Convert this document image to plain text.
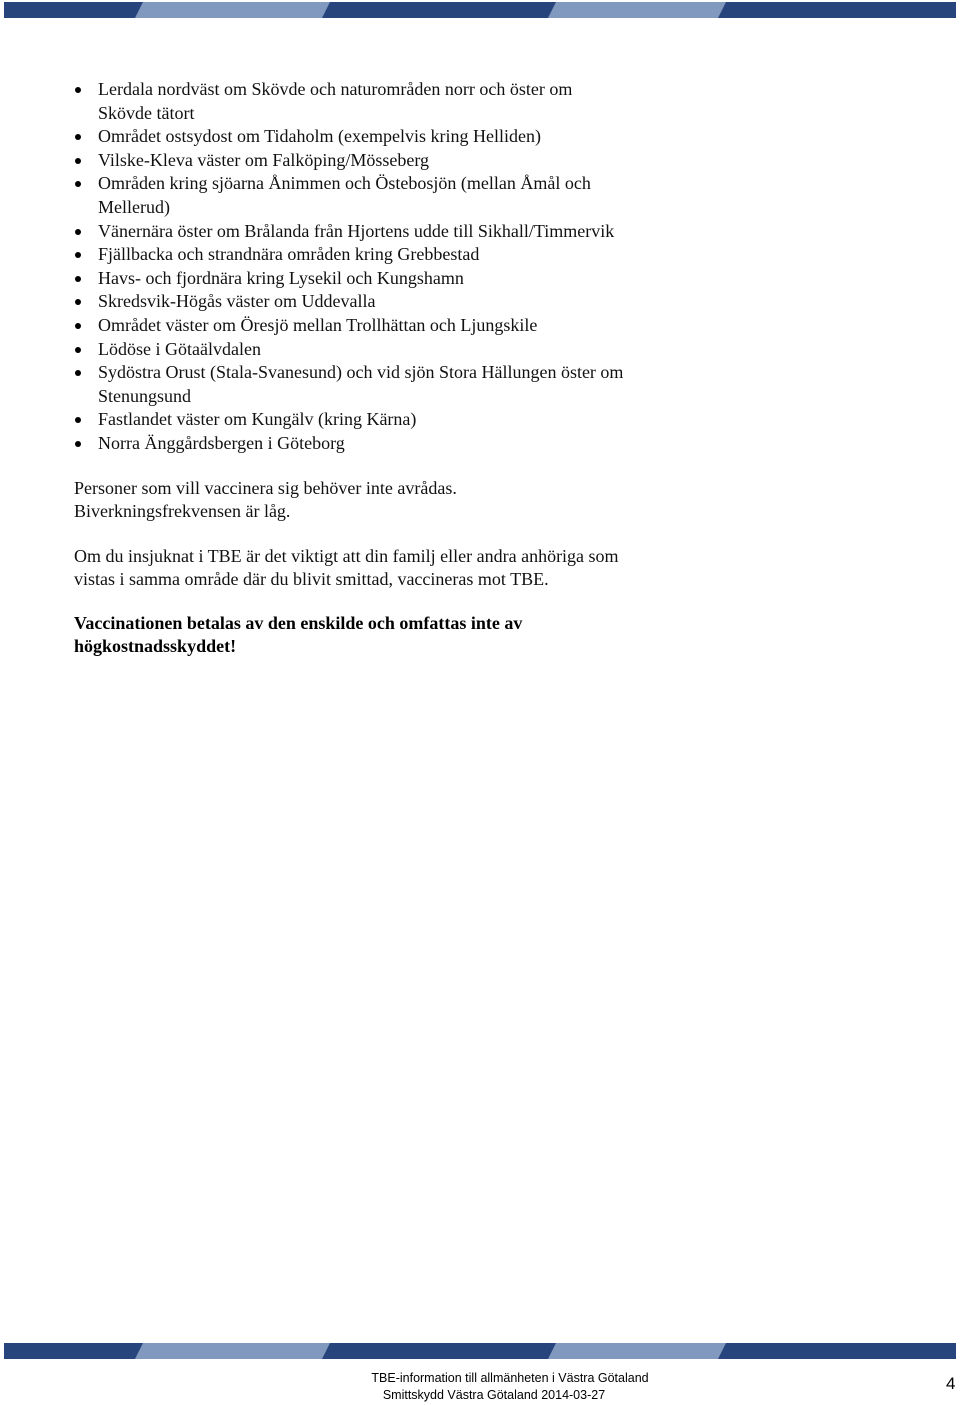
Lerdala nordväst om Skövde och naturområden norr och öster om
Skövde tätort
Området ostsydost om Tidaholm (exempelvis kring Helliden)
Vilske-Kleva väster om Falköping/Mösseberg
Områden kring sjöarna Ånimmen och Östebosjön (mellan Åmål och
Mellerud)
Vänernära öster om Brålanda från Hjortens udde till Sikhall/Timmervik
Fjällbacka och strandnära områden kring Grebbestad
Havs- och fjordnära kring Lysekil och Kungshamn
Skredsvik-Högås väster om Uddevalla
Området väster om Öresjö mellan Trollhättan och Ljungskile
Lödöse i Götaälvdalen
Sydöstra Orust (Stala-Svanesund) och vid sjön Stora Hällungen öster om
Stenungsund
Fastlandet väster om Kungälv (kring Kärna)
Norra Änggårdsbergen i Göteborg

Personer som vill vaccinera sig behöver inte avrådas.
Biverkningsfrekvensen är låg.

Om du insjuknat i TBE är det viktigt att din familj eller andra anhöriga som
vistas i samma område där du blivit smittad, vaccineras mot TBE.

Vaccinationen betalas av den enskilde och omfattas inte av
högkostnadsskyddet!

TBE-information till allmänheten i Västra Götaland
Smittskydd Västra Götaland 2014-03-27
4
